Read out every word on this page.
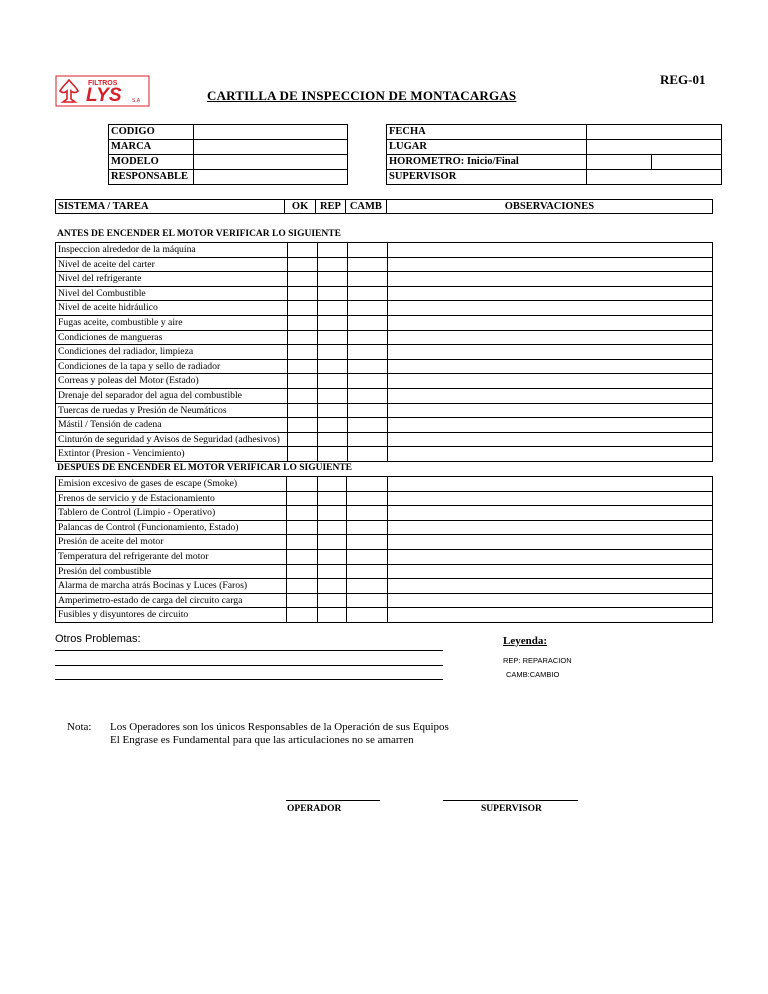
FILTROS
LYS S.A
REG-01
CARTILLA DE INSPECCION DE MONTACARGAS
CODIGO			FECHA		
MARCA			LUGAR		
MODELO			HOROMETRO: Inicio/Final		
RESPONSABLE			SUPERVISOR		
SISTEMA / TAREA	OK	REP	CAMB	OBSERVACIONES
ANTES DE ENCENDER EL MOTOR VERIFICAR LO SIGUIENTE
Inspeccion alrededor de la máquina				
Nivel de aceite del carter				
Nivel del refrigerante				
Nivel del Combustible				
Nivel de aceite hidráulico				
Fugas aceite, combustible y aire				
Condiciones de mangueras				
Condiciones del radiador, limpieza				
Condiciones de la tapa y sello de radiador				
Correas y poleas del Motor (Estado)				
Drenaje del separador del agua del combustible				
Tuercas de ruedas y Presión de Neumáticos				
Mástil / Tensión de cadena				
Cinturón de seguridad y Avisos de Seguridad (adhesivos)				
Extintor (Presion - Vencimiento)				
DESPUES DE ENCENDER EL MOTOR VERIFICAR LO SIGUIENTE
Emision excesivo de gases de escape (Smoke)				
Frenos de servicio y de Estacionamiento				
Tablero de Control (Limpio - Operativo)				
Palancas de Control (Funcionamiento, Estado)				
Presión de aceite del motor				
Temperatura del refrigerante del motor				
Presión del combustible				
Alarma de marcha atrás Bocinas y Luces (Faros)				
Amperimetro-estado de carga del circuito carga				
Fusibles y disyuntores de circuito				
Otros Problemas:	Leyenda:
REP: REPARACION
CAMB:CAMBIO
Nota: Los Operadores son los únicos Responsables de la Operación de sus Equipos
El Engrase es Fundamental para que las articulaciones no se amarren
OPERADOR	SUPERVISOR
